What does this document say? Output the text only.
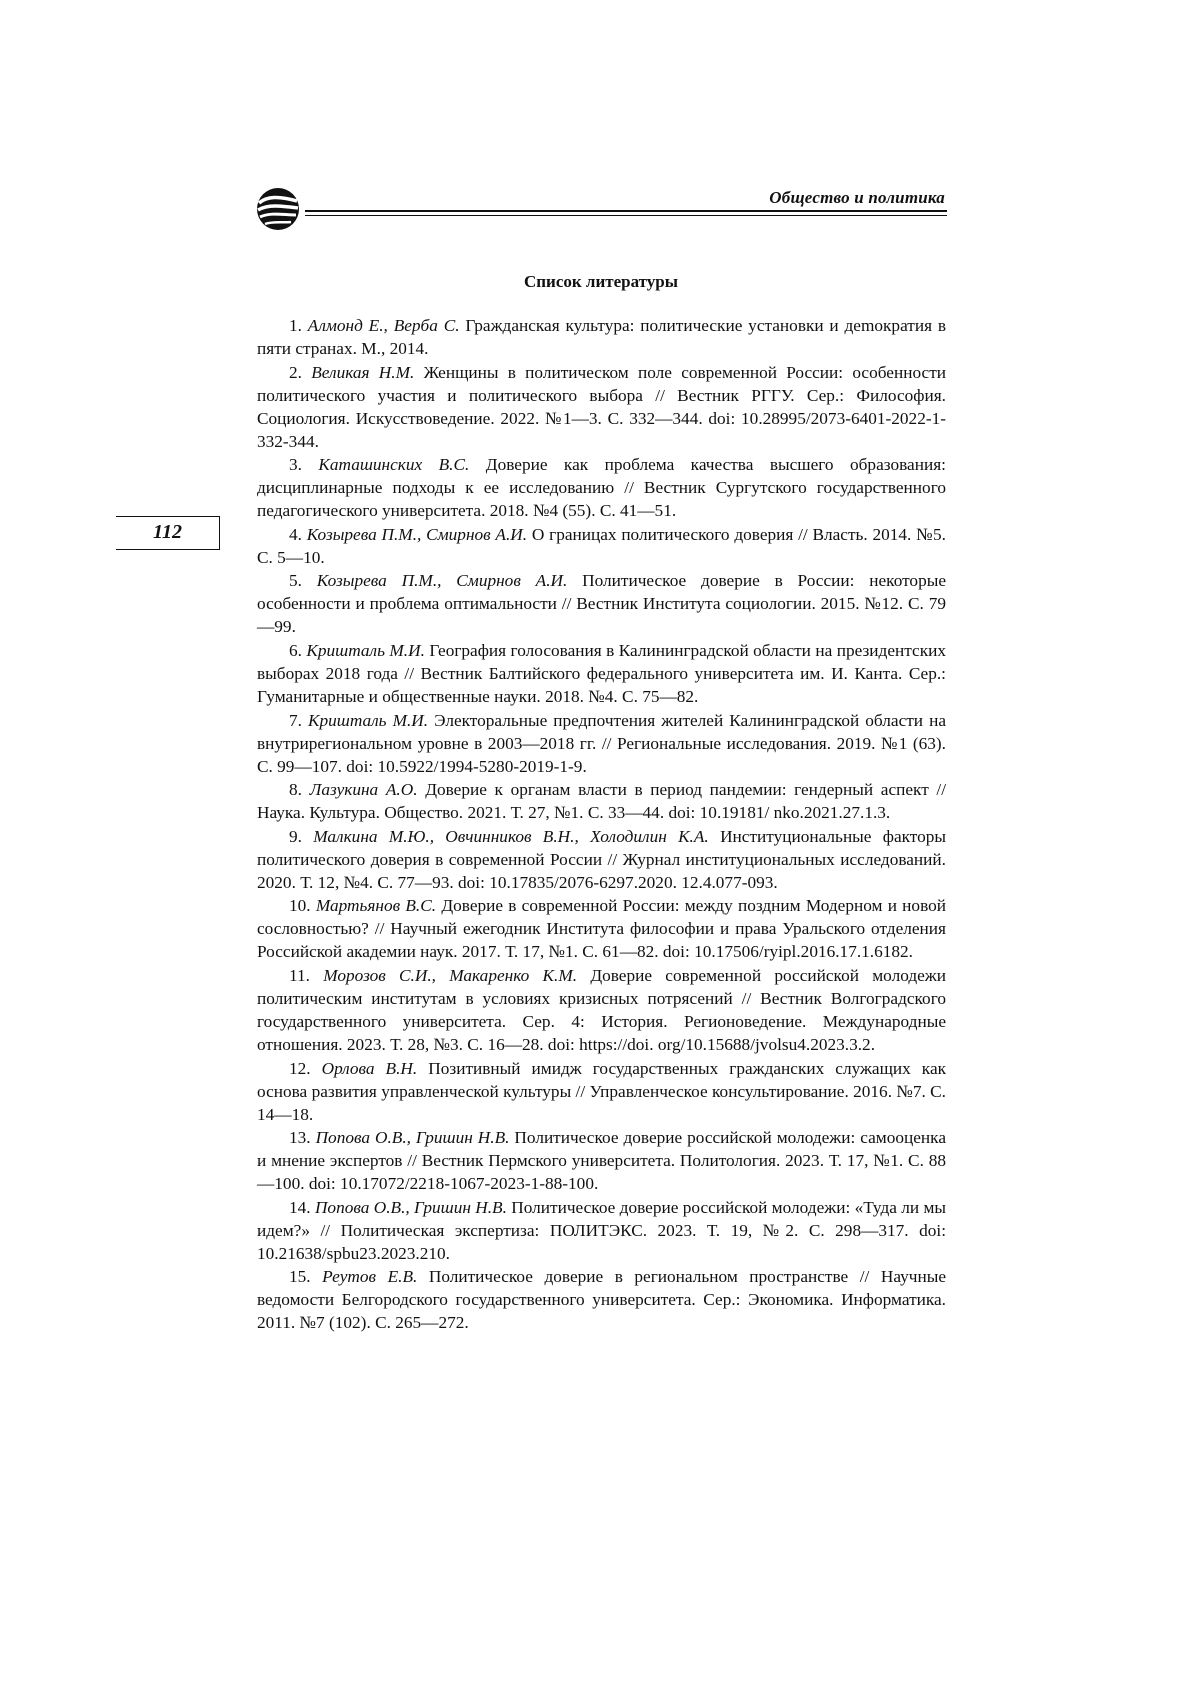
Общество и политика
112
Список литературы

1. Алмонд Е., Верба С. Гражданская культура: политические установки и деmократия в пяти странах. М., 2014.

2. Великая Н.М. Женщины в политическом поле современной России: особенности политического участия и политического выбора // Вестник РГГУ. Сер.: Философия. Социология. Искусствоведение. 2022. №1—3. С. 332—344. doi: 10.28995/2073-6401-2022-1-332-344.

3. Каташинских В.С. Доверие как проблема качества высшего образования: дисциплинарные подходы к ее исследованию // Вестник Сургутского государственного педагогического университета. 2018. №4 (55). С. 41—51.

4. Козырева П.М., Смирнов А.И. О границах политического доверия // Власть. 2014. №5. С. 5—10.

5. Козырева П.М., Смирнов А.И. Политическое доверие в России: некоторые особенности и проблема оптимальности // Вестник Института социологии. 2015. №12. С. 79—99.

6. Кришталь М.И. География голосования в Калининградской области на президентских выборах 2018 года // Вестник Балтийского федерального университета им. И. Канта. Сер.: Гуманитарные и общественные науки. 2018. №4. С. 75—82.

7. Кришталь М.И. Электоральные предпочтения жителей Калининградской области на внутрирегиональном уровне в 2003—2018 гг. // Региональные исследования. 2019. №1 (63). С. 99—107. doi: 10.5922/1994-5280-2019-1-9.

8. Лазукина А.О. Доверие к органам власти в период пандемии: гендерный аспект // Наука. Культура. Общество. 2021. Т. 27, №1. С. 33—44. doi: 10.19181/ nko.2021.27.1.3.

9. Малкина М.Ю., Овчинников В.Н., Холодилин К.А. Институциональные факторы политического доверия в современной России // Журнал институциональных исследований. 2020. Т. 12, №4. С. 77—93. doi: 10.17835/2076-6297.2020. 12.4.077-093.

10. Мартьянов В.С. Доверие в современной России: между поздним Модерном и новой сословностью? // Научный ежегодник Института философии и права Уральского отделения Российской академии наук. 2017. Т. 17, №1. С. 61—82. doi: 10.17506/ryipl.2016.17.1.6182.

11. Морозов С.И., Макаренко К.М. Доверие современной российской молодежи политическим институтам в условиях кризисных потрясений // Вестник Волгоградского государственного университета. Сер. 4: История. Регионоведение. Международные отношения. 2023. Т. 28, №3. С. 16—28. doi: https://doi. org/10.15688/jvolsu4.2023.3.2.

12. Орлова В.Н. Позитивный имидж государственных гражданских служащих как основа развития управленческой культуры // Управленческое консультирование. 2016. №7. С. 14—18.

13. Попова О.В., Гришин Н.В. Политическое доверие российской молодежи: самооценка и мнение экспертов // Вестник Пермского университета. Политология. 2023. Т. 17, №1. С. 88—100. doi: 10.17072/2218-1067-2023-1-88-100.

14. Попова О.В., Гришин Н.В. Политическое доверие российской молодежи: «Туда ли мы идем?» // Политическая экспертиза: ПОЛИТЭКС. 2023. Т. 19, №2. С. 298—317. doi: 10.21638/spbu23.2023.210.

15. Реутов Е.В. Политическое доверие в региональном пространстве // Научные ведомости Белгородского государственного университета. Сер.: Экономика. Информатика. 2011. №7 (102). С. 265—272.
